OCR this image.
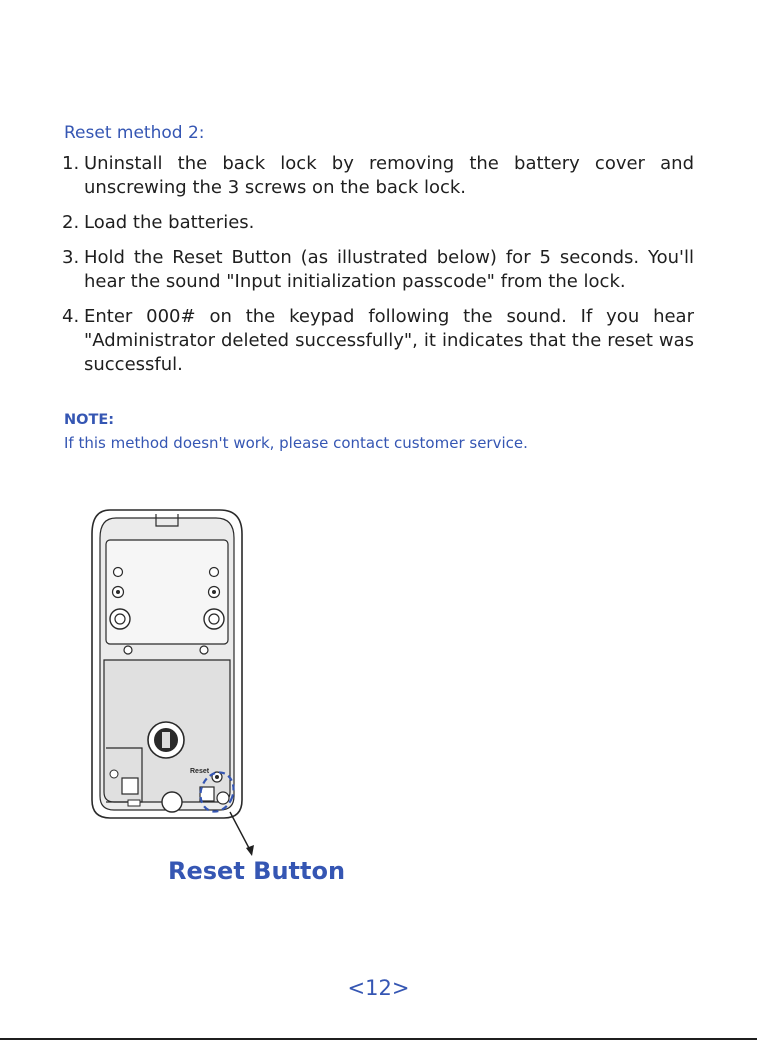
Reset method 2:
1. Uninstall the back lock by removing the battery cover and unscrewing the 3 screws on the back lock.
2. Load the batteries.
3. Hold the Reset Button (as illustrated below) for 5 seconds. You'll hear the sound "Input initialization passcode" from the lock.
4. Enter 000# on the keypad following the sound. If you hear "Administrator deleted successfully", it indicates that the reset was successful.

NOTE:

If this method doesn't work, please contact customer service.

Reset

Reset Button

<12>
